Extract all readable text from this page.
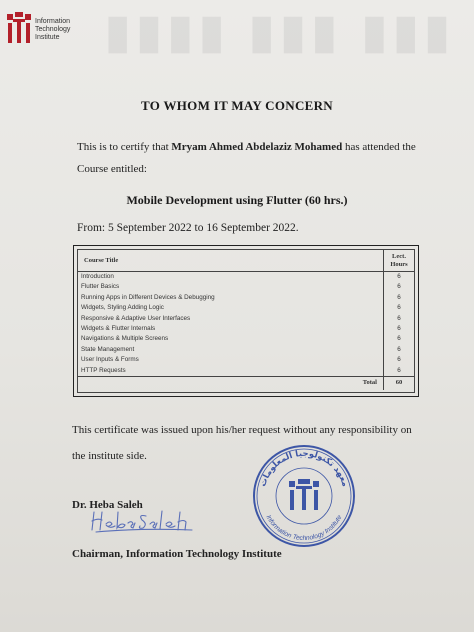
▮▮▮▮ ▮▮▮ ▮▮▮
Information
Technology
Institute
TO WHOM IT MAY CONCERN
This is to certify that Mryam Ahmed Abdelaziz Mohamed has attended the
Course entitled:
Mobile Development using Flutter (60 hrs.)
From: 5 September 2022 to 16 September 2022.
Course Title	Lect.
Hours

Introduction	6
Flutter Basics	6
Running Apps in Different Devices & Debugging	6
Widgets, Styling Adding Logic	6
Responsive & Adaptive User Interfaces	6
Widgets & Flutter Internals	6
Navigations & Multiple Screens	6
State Management	6
User Inputs & Forms	6
HTTP Requests	6
Total	60
This certificate was issued upon his/her request without any responsibility on
the institute side.
Dr. Heba Saleh
Chairman, Information Technology Institute
معهد تكنولوجيا المعلومات
Information Technology Institute
